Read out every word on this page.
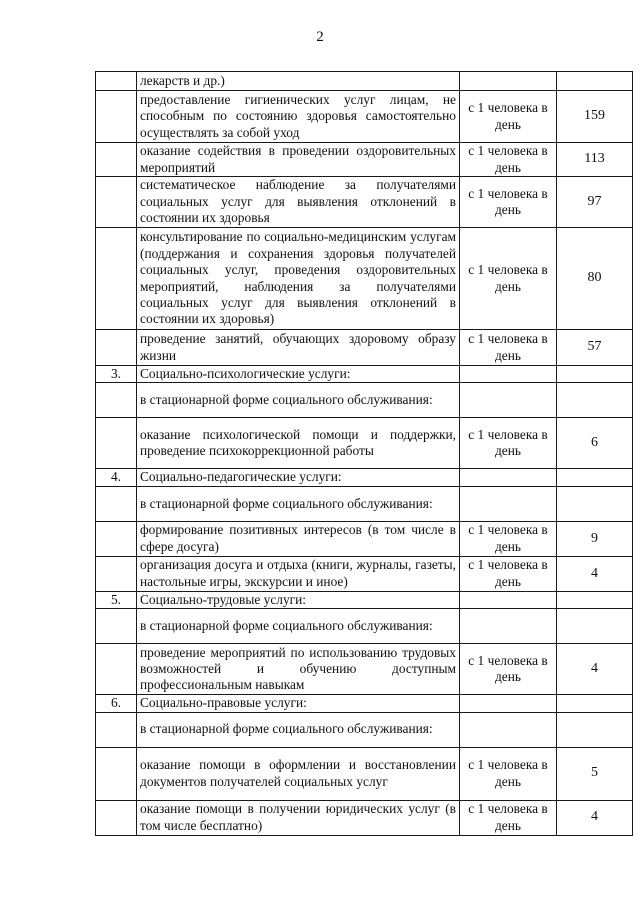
2
	лекарств и др.)		
	предоставление гигиенических услуг лицам, не способным по состоянию здоровья самостоятельно осуществлять за собой уход	с 1 человека в день	159
	оказание содействия в проведении оздоровительных мероприятий	с 1 человека в день	113
	систематическое наблюдение за получателями социальных услуг для выявления отклонений в состоянии их здоровья	с 1 человека в день	97
	консультирование по социально-медицинским услугам (поддержания и сохранения здоровья получателей социальных услуг, проведения оздоровительных мероприятий, наблюдения за получателями социальных услуг для выявления отклонений в состоянии их здоровья)	с 1 человека в день	80
	проведение занятий, обучающих здоровому образу жизни	с 1 человека в день	57
3.	Социально-психологические услуги:		
	в стационарной форме социального обслуживания:		
	оказание психологической помощи и поддержки, проведение психокоррекционной работы	с 1 человека в день	6
4.	Социально-педагогические услуги:		
	в стационарной форме социального обслуживания:		
	формирование позитивных интересов (в том числе в сфере досуга)	с 1 человека в день	9
	организация досуга и отдыха (книги, журналы, газеты, настольные игры, экскурсии и иное)	с 1 человека в день	4
5.	Социально-трудовые услуги:		
	в стационарной форме социального обслуживания:		
	проведение мероприятий по использованию трудовых возможностей и обучению доступным профессиональным навыкам	с 1 человека в день	4
6.	Социально-правовые услуги:		
	в стационарной форме социального обслуживания:		
	оказание помощи в оформлении и восстановлении документов получателей социальных услуг	с 1 человека в день	5
	оказание помощи в получении юридических услуг (в том числе бесплатно)	с 1 человека в день	4
